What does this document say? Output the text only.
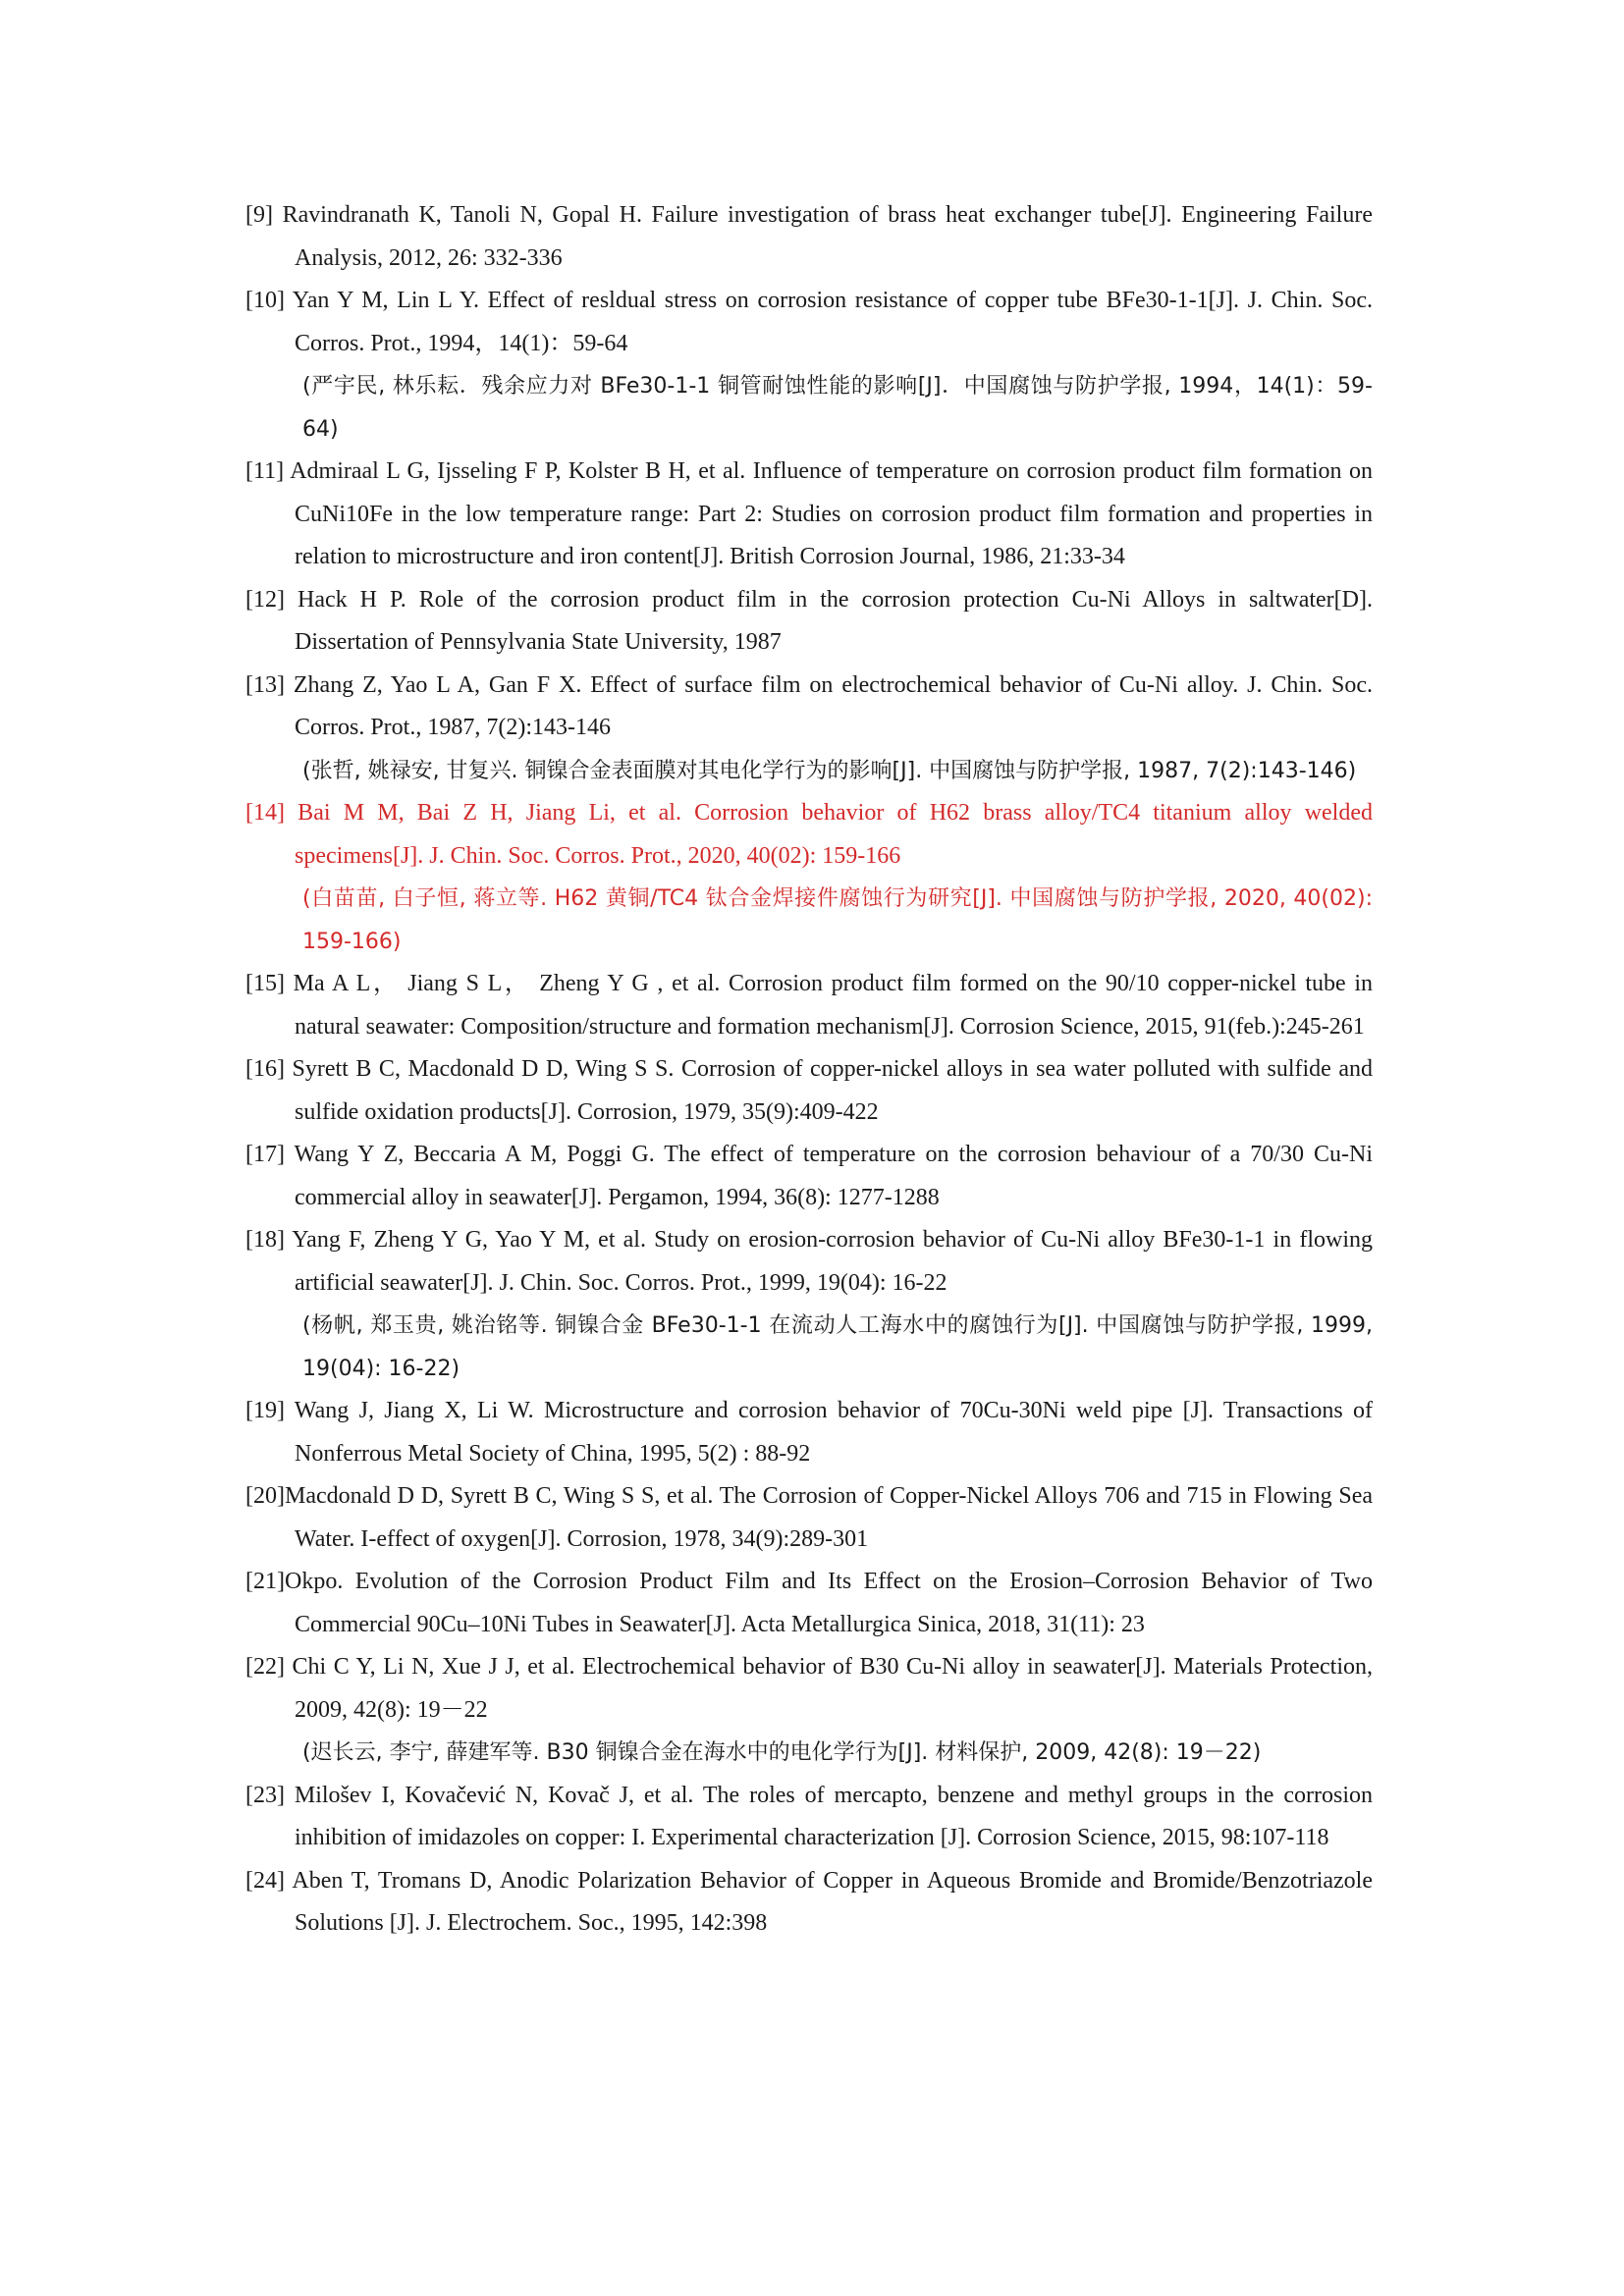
[9] Ravindranath K, Tanoli N, Gopal H. Failure investigation of brass heat exchanger tube[J]. Engineering Failure Analysis, 2012, 26: 332-336

[10] Yan Y M, Lin L Y. Effect of resldual stress on corrosion resistance of copper tube BFe30-1-1[J]. J. Chin. Soc. Corros. Prot., 1994，14(1)：59-64
(严宇民, 林乐耘．残余应力对 BFe30-1-1 铜管耐蚀性能的影响[J]．中国腐蚀与防护学报, 1994，14(1)：59-64)

[11] Admiraal L G, Ijsseling F P, Kolster B H, et al. Influence of temperature on corrosion product film formation on CuNi10Fe in the low temperature range: Part 2: Studies on corrosion product film formation and properties in relation to microstructure and iron content[J]. British Corrosion Journal, 1986, 21:33-34

[12] Hack H P. Role of the corrosion product film in the corrosion protection Cu-Ni Alloys in saltwater[D]. Dissertation of Pennsylvania State University, 1987

[13] Zhang Z, Yao L A, Gan F X. Effect of surface film on electrochemical behavior of Cu-Ni alloy. J. Chin. Soc. Corros. Prot., 1987, 7(2):143-146
(张哲, 姚禄安, 甘复兴. 铜镍合金表面膜对其电化学行为的影响[J]. 中国腐蚀与防护学报, 1987, 7(2):143-146)

[14] Bai M M, Bai Z H, Jiang Li, et al. Corrosion behavior of H62 brass alloy/TC4 titanium alloy welded specimens[J]. J. Chin. Soc. Corros. Prot., 2020, 40(02): 159-166
(白苗苗, 白子恒, 蒋立等. H62 黄铜/TC4 钛合金焊接件腐蚀行为研究[J]. 中国腐蚀与防护学报, 2020, 40(02): 159-166)

[15] Ma A L， Jiang S L， Zheng Y G , et al. Corrosion product film formed on the 90/10 copper-nickel tube in natural seawater: Composition/structure and formation mechanism[J]. Corrosion Science, 2015, 91(feb.):245-261

[16] Syrett B C, Macdonald D D, Wing S S. Corrosion of copper-nickel alloys in sea water polluted with sulfide and sulfide oxidation products[J]. Corrosion, 1979, 35(9):409-422

[17] Wang Y Z, Beccaria A M, Poggi G. The effect of temperature on the corrosion behaviour of a 70/30 Cu-Ni commercial alloy in seawater[J]. Pergamon, 1994, 36(8): 1277-1288

[18] Yang F, Zheng Y G, Yao Y M, et al. Study on erosion-corrosion behavior of Cu-Ni alloy BFe30-1-1 in flowing artificial seawater[J]. J. Chin. Soc. Corros. Prot., 1999, 19(04): 16-22
(杨帆, 郑玉贵, 姚治铭等. 铜镍合金 BFe30-1-1 在流动人工海水中的腐蚀行为[J]. 中国腐蚀与防护学报, 1999, 19(04): 16-22)

[19] Wang J, Jiang X, Li W. Microstructure and corrosion behavior of 70Cu-30Ni weld pipe [J]. Transactions of Nonferrous Metal Society of China, 1995, 5(2) : 88-92

[20]Macdonald D D, Syrett B C, Wing S S, et al. The Corrosion of Copper-Nickel Alloys 706 and 715 in Flowing Sea Water. I-effect of oxygen[J]. Corrosion, 1978, 34(9):289-301

[21]Okpo. Evolution of the Corrosion Product Film and Its Effect on the Erosion–Corrosion Behavior of Two Commercial 90Cu–10Ni Tubes in Seawater[J]. Acta Metallurgica Sinica, 2018, 31(11): 23

[22] Chi C Y, Li N, Xue J J, et al. Electrochemical behavior of B30 Cu-Ni alloy in seawater[J]. Materials Protection, 2009, 42(8): 19－22
(迟长云, 李宁, 薛建军等. B30 铜镍合金在海水中的电化学行为[J]. 材料保护, 2009, 42(8): 19－22)

[23] Milošev I, Kovačević N, Kovač J, et al. The roles of mercapto, benzene and methyl groups in the corrosion inhibition of imidazoles on copper: I. Experimental characterization [J]. Corrosion Science, 2015, 98:107-118

[24] Aben T, Tromans D, Anodic Polarization Behavior of Copper in Aqueous Bromide and Bromide/Benzotriazole Solutions [J]. J. Electrochem. Soc., 1995, 142:398
